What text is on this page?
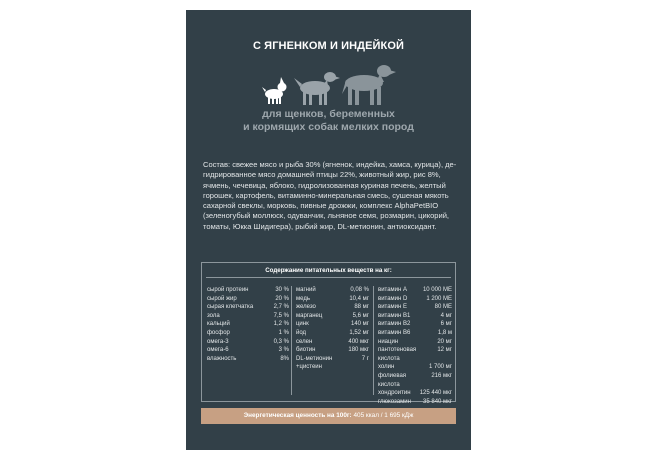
С ЯГНЕНКОМ И ИНДЕЙКОЙ
для щенков, беременных
и кормящих собак мелких пород
Состав: свежее мясо и рыба 30% (ягненок, индейка, хамса, курица), де-
гидрированное мясо домашней птицы 22%, животный жир, рис 8%,
ячмень, чечевица, яблоко, гидролизованная куриная печень, желтый
горошек, картофель, витаминно-минеральная смесь, сушеная мякоть
сахарной свеклы, морковь, пивные дрожжи, комплекс AlphaPetBIO
(зеленогубый моллюск, одуванчик, льняное семя, розмарин, цикорий,
томаты, Юкка Шидигера), рыбий жир, DL-метионин, антиоксидант.
Содержание питательных веществ на кг:
сырой протеин	30 %
сырой жир	20 %
сырая клетчатка	2,7 %
зола	7,5 %
кальций	1,2 %
фосфор	1 %
омега-3	0,3 %
омега-6	3 %
влажность	8%
магний	0,08 %
медь	10,4 мг
железо	88 мг
марганец	5,6 мг
цинк	140 мг
йод	1,52 мг
селен	400 мкг
биотин	180 мкг
DL-метионин	7 г
+цистеин
витамин A	10 000 МЕ
витамин D	1 200 МЕ
витамин E	80 МЕ
витамин B1	4 мг
витамин B2	6 мг
витамин B6	1,8 м
ниацин	20 мг
пантотеновая	12 мг
кислота
холин	1 700 мг
фолиевая	216 мкг
кислота
хондроитин 125 440 мкг
глюкозамин 35 840 мкг
Энергетическая ценность на 100г: 405 ккал / 1 695 кДж
